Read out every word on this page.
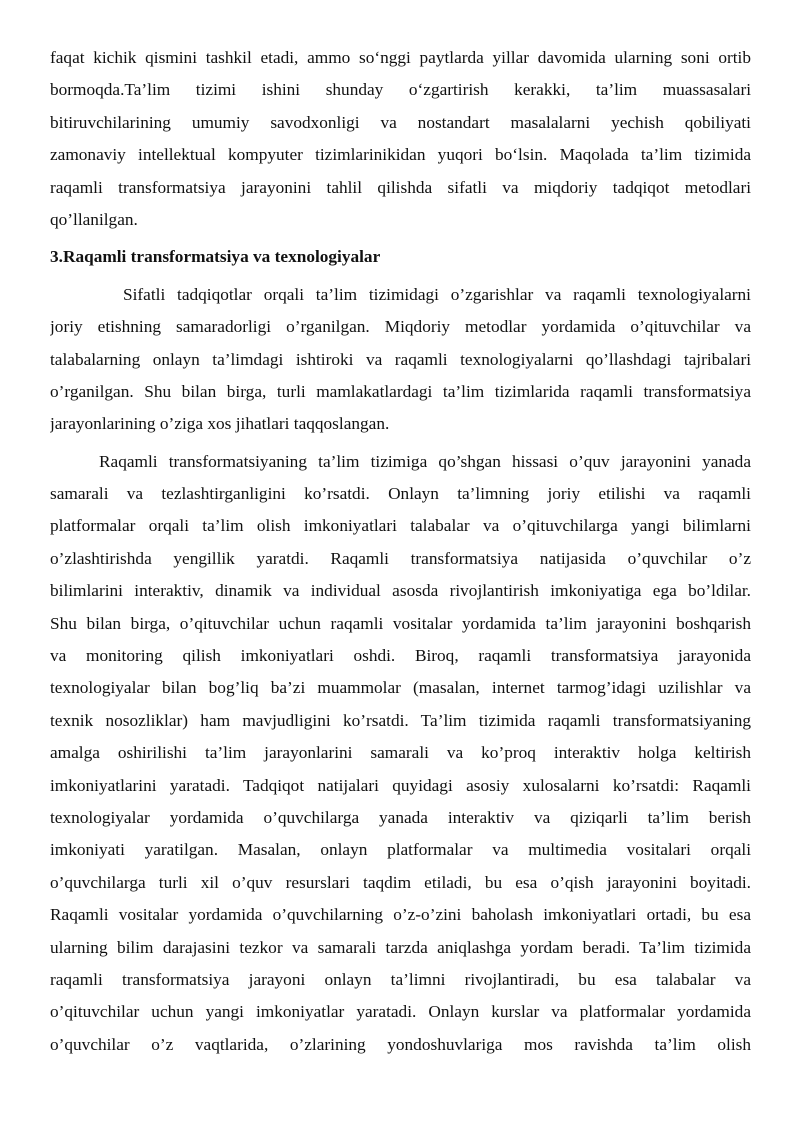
faqat kichik qismini tashkil etadi, ammo so‘nggi paytlarda yillar davomida ularning soni ortib
bormoqda.Ta’lim tizimi ishini shunday o‘zgartirish kerakki, ta’lim muassasalari
bitiruvchilarining umumiy savodxonligi va nostandart masalalarni yechish qobiliyati
zamonaviy intellektual kompyuter tizimlarinikidan yuqori bo‘lsin. Maqolada ta’lim tizimida
raqamli transformatsiya jarayonini tahlil qilishda sifatli va miqdoriy tadqiqot metodlari
qo’llanilgan.
3.Raqamli transformatsiya va texnologiyalar
Sifatli tadqiqotlar orqali ta’lim tizimidagi o’zgarishlar va raqamli texnologiyalarni
joriy etishning samaradorligi o’rganilgan. Miqdoriy metodlar yordamida o’qituvchilar va
talabalarning onlayn ta’limdagi ishtiroki va raqamli texnologiyalarni qo’llashdagi tajribalari
o’rganilgan. Shu bilan birga, turli mamlakatlardagi ta’lim tizimlarida raqamli transformatsiya
jarayonlarining o’ziga xos jihatlari taqqoslangan.
Raqamli transformatsiyaning ta’lim tizimiga qo’shgan hissasi o’quv jarayonini yanada
samarali va tezlashtirganligini ko’rsatdi. Onlayn ta’limning joriy etilishi va raqamli
platformalar orqali ta’lim olish imkoniyatlari talabalar va o’qituvchilarga yangi bilimlarni
o’zlashtirishda yengillik yaratdi. Raqamli transformatsiya natijasida o’quvchilar o’z
bilimlarini interaktiv, dinamik va individual asosda rivojlantirish imkoniyatiga ega bo’ldilar.
Shu bilan birga, o’qituvchilar uchun raqamli vositalar yordamida ta’lim jarayonini boshqarish
va monitoring qilish imkoniyatlari oshdi. Biroq, raqamli transformatsiya jarayonida
texnologiyalar bilan bog’liq ba’zi muammolar (masalan, internet tarmog’idagi uzilishlar va
texnik nosozliklar) ham mavjudligini ko’rsatdi. Ta’lim tizimida raqamli transformatsiyaning
amalga oshirilishi ta’lim jarayonlarini samarali va ko’proq interaktiv holga keltirish
imkoniyatlarini yaratadi. Tadqiqot natijalari quyidagi asosiy xulosalarni ko’rsatdi: Raqamli
texnologiyalar yordamida o’quvchilarga yanada interaktiv va qiziqarli ta’lim berish
imkoniyati yaratilgan. Masalan, onlayn platformalar va multimedia vositalari orqali
o’quvchilarga turli xil o’quv resurslari taqdim etiladi, bu esa o’qish jarayonini boyitadi.
Raqamli vositalar yordamida o’quvchilarning o’z-o’zini baholash imkoniyatlari ortadi, bu esa
ularning bilim darajasini tezkor va samarali tarzda aniqlashga yordam beradi. Ta’lim tizimida
raqamli transformatsiya jarayoni onlayn ta’limni rivojlantiradi, bu esa talabalar va
o’qituvchilar uchun yangi imkoniyatlar yaratadi. Onlayn kurslar va platformalar yordamida
o’quvchilar o’z vaqtlarida, o’zlarining yondoshuvlariga mos ravishda ta’lim olish
